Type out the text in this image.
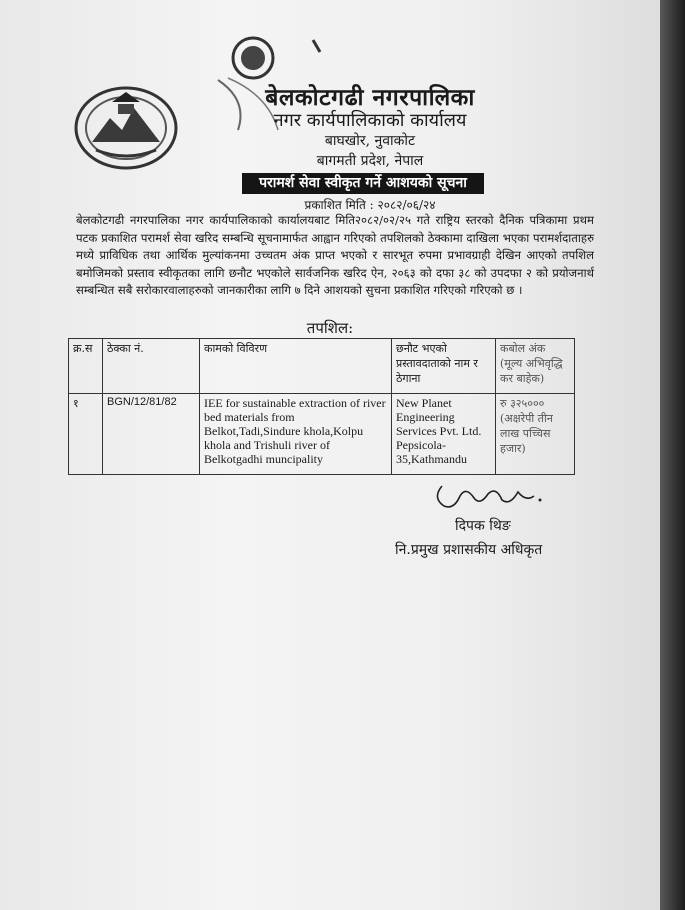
बेलकोटगढी नगरपालिका
नगर कार्यपालिकाको कार्यालय
बाघखोर, नुवाकोट
बागमती प्रदेश, नेपाल
परामर्श सेवा स्वीकृत गर्ने आशयको सूचना
प्रकाशित मिति : २०८२/०६/२४
बेलकोटगढी नगरपालिका नगर कार्यपालिकाको कार्यालयबाट मिति२०८२/०२/२५ गते राष्ट्रिय स्तरको दैनिक पत्रिकामा प्रथम पटक प्रकाशित परामर्श सेवा खरिद सम्बन्धि सूचनामार्फत आह्वान गरिएको तपशिलको ठेक्कामा दाखिला भएका परामर्शदाताहरु मध्ये प्राविधिक तथा आर्थिक मुल्यांकनमा उच्चतम अंक प्राप्त भएको र सारभूत रुपमा प्रभावग्राही देखिन आएको तपशिल बमोजिमको प्रस्ताव स्वीकृतका लागि छनौट भएकोले सार्वजनिक खरिद ऐन, २०६३ को दफा ३८ को उपदफा २ को प्रयोजनार्थ सम्बन्धित सबै सरोकारवालाहरुको जानकारीका लागि ७ दिने आशयको सुचना प्रकाशित गरिएको गरिएको छ ।
तपशिल:
क्र.स	ठेक्का नं.	कामको विविरण	छनौट भएको प्रस्तावदाताको नाम र ठेगाना	कबोल अंक (मूल्य अभिवृद्धि कर बाहेक)
१	BGN/12/81/82	IEE for sustainable extraction of river bed materials from Belkot,Tadi,Sindure khola,Kolpu khola and Trishuli river of Belkotgadhi muncipality	New Planet Engineering Services Pvt. Ltd. Pepsicola-35,Kathmandu	रु ३२५००० (अक्षरेपी तीन लाख पच्चिस हजार)
दिपक थिङ
नि.प्रमुख प्रशासकीय अधिकृत
